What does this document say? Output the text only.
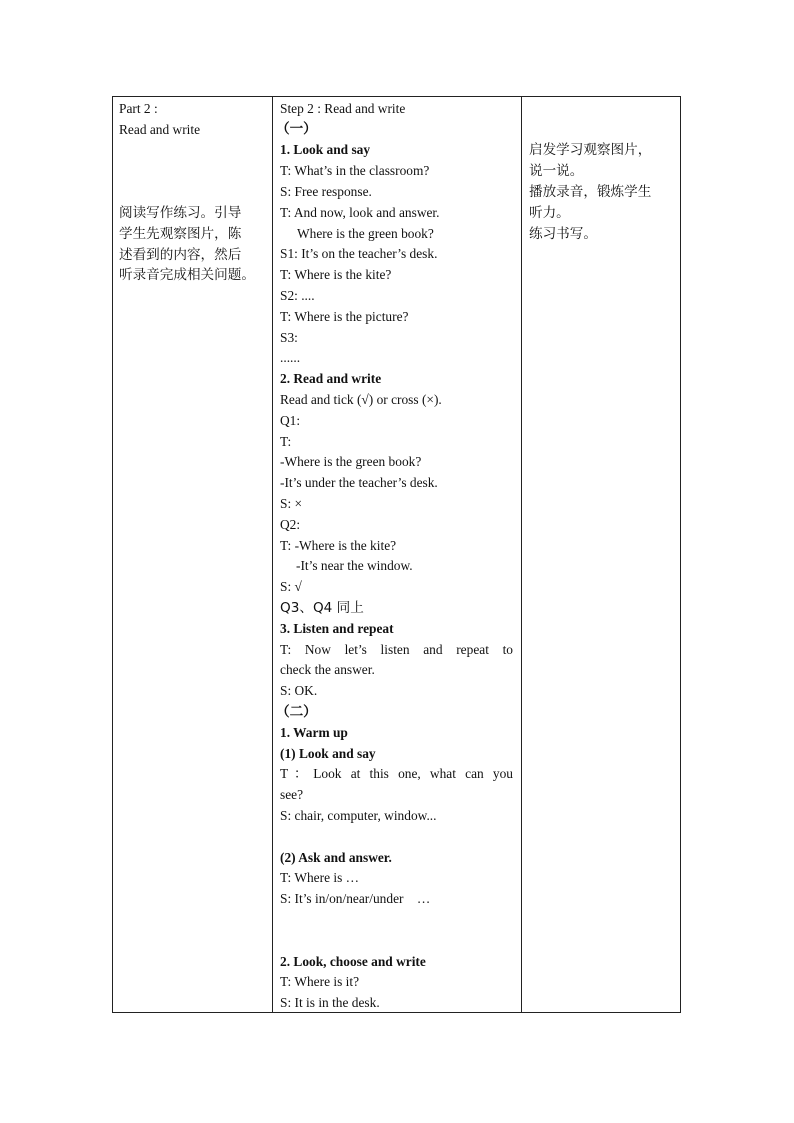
Part 2 :
Read and write
阅读写作练习。引导
学生先观察图片，陈
述看到的内容，然后
听录音完成相关问题。
Step 2 : Read and write
（一）
1. Look and say
T: What’s in the classroom?
S: Free response.
T: And now, look and answer.
Where is the green book?
S1: It’s on the teacher’s desk.
T: Where is the kite?
S2: ....
T: Where is the picture?
S3:
......
2. Read and write
Read and tick (√) or cross (×).
Q1:
T:
-Where is the green book?
-It’s under the teacher’s desk.
S: ×
Q2:
T: -Where is the kite?
-It’s near the window.
S: √
Q3、Q4 同上
3. Listen and repeat
T: Now let’s listen and repeat to
check the answer.
S: OK.
（二）
1. Warm up
(1) Look and say
T：Look at this one, what can you
see?
S: chair, computer, window...
(2) Ask and answer.
T: Where is …
S: It’s in/on/near/under　…
2. Look, choose and write
T: Where is it?
S: It is in the desk.
启发学习观察图片，
说一说。
播放录音，锻炼学生
听力。
练习书写。
